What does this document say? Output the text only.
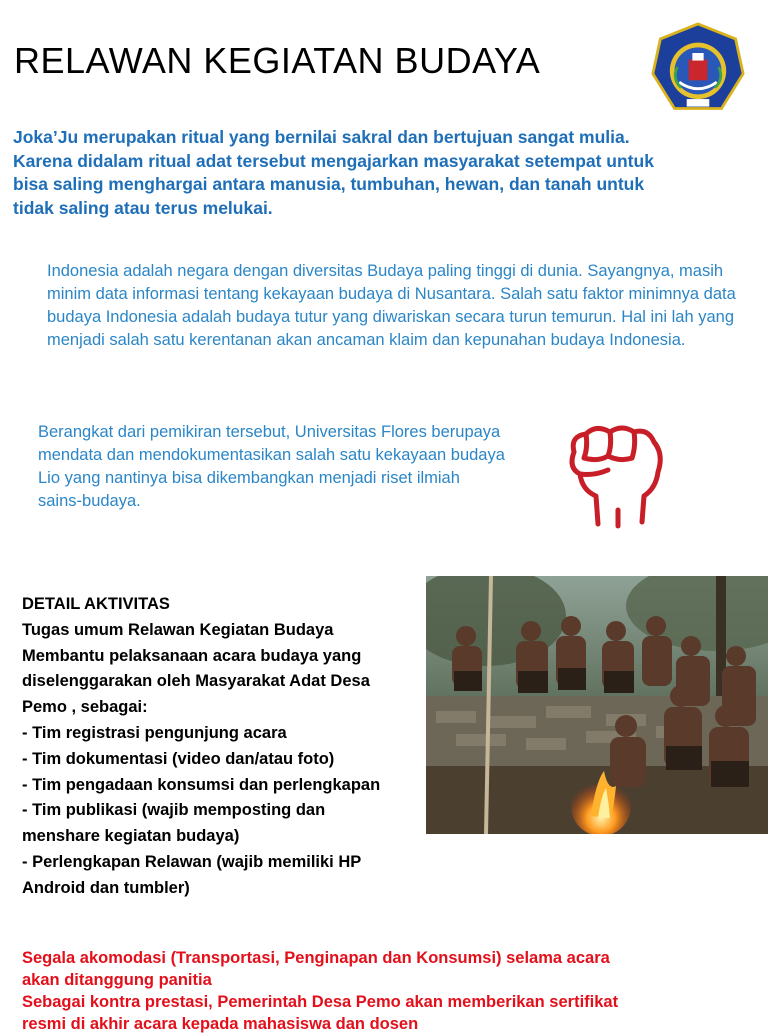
RELAWAN KEGIATAN BUDAYA
Joka’Ju merupakan ritual yang bernilai sakral dan bertujuan sangat mulia. Karena didalam ritual adat tersebut mengajarkan masyarakat setempat untuk bisa saling menghargai antara manusia, tumbuhan, hewan, dan tanah untuk tidak saling atau terus melukai.
Indonesia adalah negara dengan diversitas Budaya paling tinggi di dunia. Sayangnya, masih minim data informasi tentang kekayaan budaya di Nusantara. Salah satu faktor minimnya data budaya Indonesia adalah budaya tutur yang diwariskan secara turun temurun. Hal ini lah yang menjadi salah satu kerentanan akan ancaman klaim dan kepunahan budaya Indonesia.
Berangkat dari pemikiran tersebut, Universitas Flores berupaya mendata dan mendokumentasikan salah satu kekayaan budaya Lio yang nantinya bisa dikembangkan menjadi riset ilmiah sains-budaya.
DETAIL AKTIVITAS
Tugas umum Relawan Kegiatan Budaya
Membantu pelaksanaan acara budaya yang
diselenggarakan oleh Masyarakat Adat Desa
Pemo , sebagai:
- Tim registrasi pengunjung acara
- Tim dokumentasi (video dan/atau foto)
- Tim pengadaan konsumsi dan perlengkapan
- Tim publikasi (wajib memposting dan
menshare kegiatan budaya)
- Perlengkapan Relawan (wajib memiliki HP
Android dan tumbler)
Segala akomodasi (Transportasi, Penginapan dan Konsumsi) selama acara
akan ditanggung panitia
Sebagai kontra prestasi, Pemerintah Desa Pemo akan memberikan sertifikat
resmi di akhir acara kepada mahasiswa dan dosen
